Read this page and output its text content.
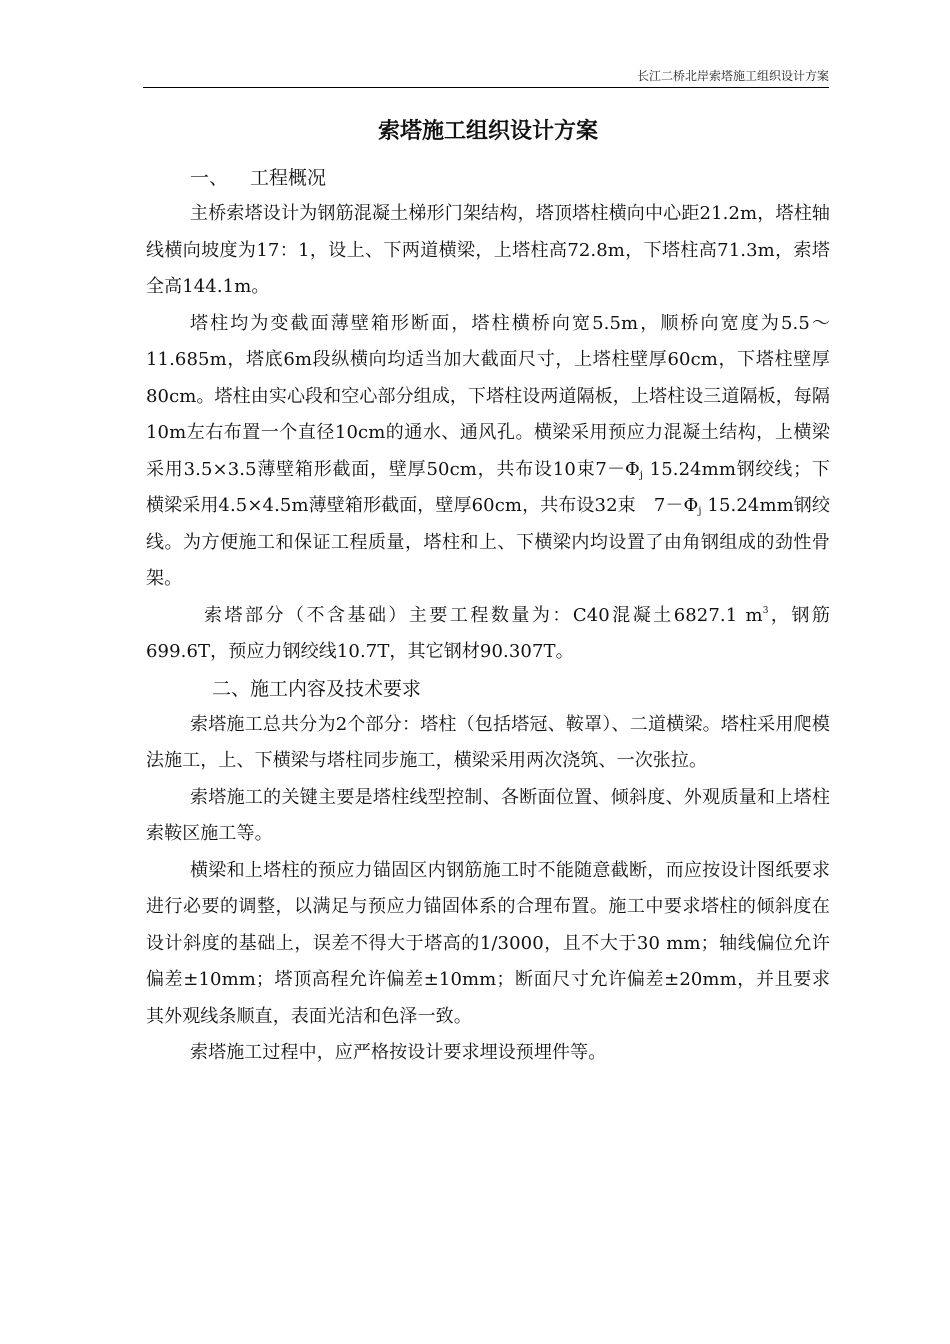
长江二桥北岸索塔施工组织设计方案
索塔施工组织设计方案
一、 工程概况

主桥索塔设计为钢筋混凝土梯形门架结构，塔顶塔柱横向中心距21.2m，塔柱轴线横向坡度为17：1，设上、下两道横梁，上塔柱高72.8m，下塔柱高71.3m，索塔全高144.1m。

塔柱均为变截面薄壁箱形断面，塔柱横桥向宽5.5m，顺桥向宽度为5.5～11.685m，塔底6m段纵横向均适当加大截面尺寸，上塔柱壁厚60cm，下塔柱壁厚80cm。塔柱由实心段和空心部分组成，下塔柱设两道隔板，上塔柱设三道隔板，每隔10m左右布置一个直径10cm的通水、通风孔。横梁采用预应力混凝土结构，上横梁采用3.5×3.5薄壁箱形截面，壁厚50cm，共布设10束$7-\Phi_j$ 15.24mm钢绞线；下横梁采用4.5×4.5m薄壁箱形截面，壁厚60cm，共布设32束　$7-\Phi_j$ 15.24mm钢绞线。为方便施工和保证工程质量，塔柱和上、下横梁内均设置了由角钢组成的劲性骨架。

索塔部分（不含基础）主要工程数量为：C40混凝土6827.1 $m^3$，钢筋699.6T，预应力钢绞线10.7T，其它钢材90.307T。

二、施工内容及技术要求

索塔施工总共分为2个部分：塔柱（包括塔冠、鞍罩）、二道横梁。塔柱采用爬模法施工，上、下横梁与塔柱同步施工，横梁采用两次浇筑、一次张拉。

索塔施工的关键主要是塔柱线型控制、各断面位置、倾斜度、外观质量和上塔柱索鞍区施工等。

横梁和上塔柱的预应力锚固区内钢筋施工时不能随意截断，而应按设计图纸要求进行必要的调整，以满足与预应力锚固体系的合理布置。施工中要求塔柱的倾斜度在设计斜度的基础上，误差不得大于塔高的1/3000，且不大于30 mm；轴线偏位允许偏差±10mm；塔顶高程允许偏差±10mm；断面尺寸允许偏差±20mm，并且要求其外观线条顺直，表面光洁和色泽一致。

索塔施工过程中，应严格按设计要求埋设预埋件等。
